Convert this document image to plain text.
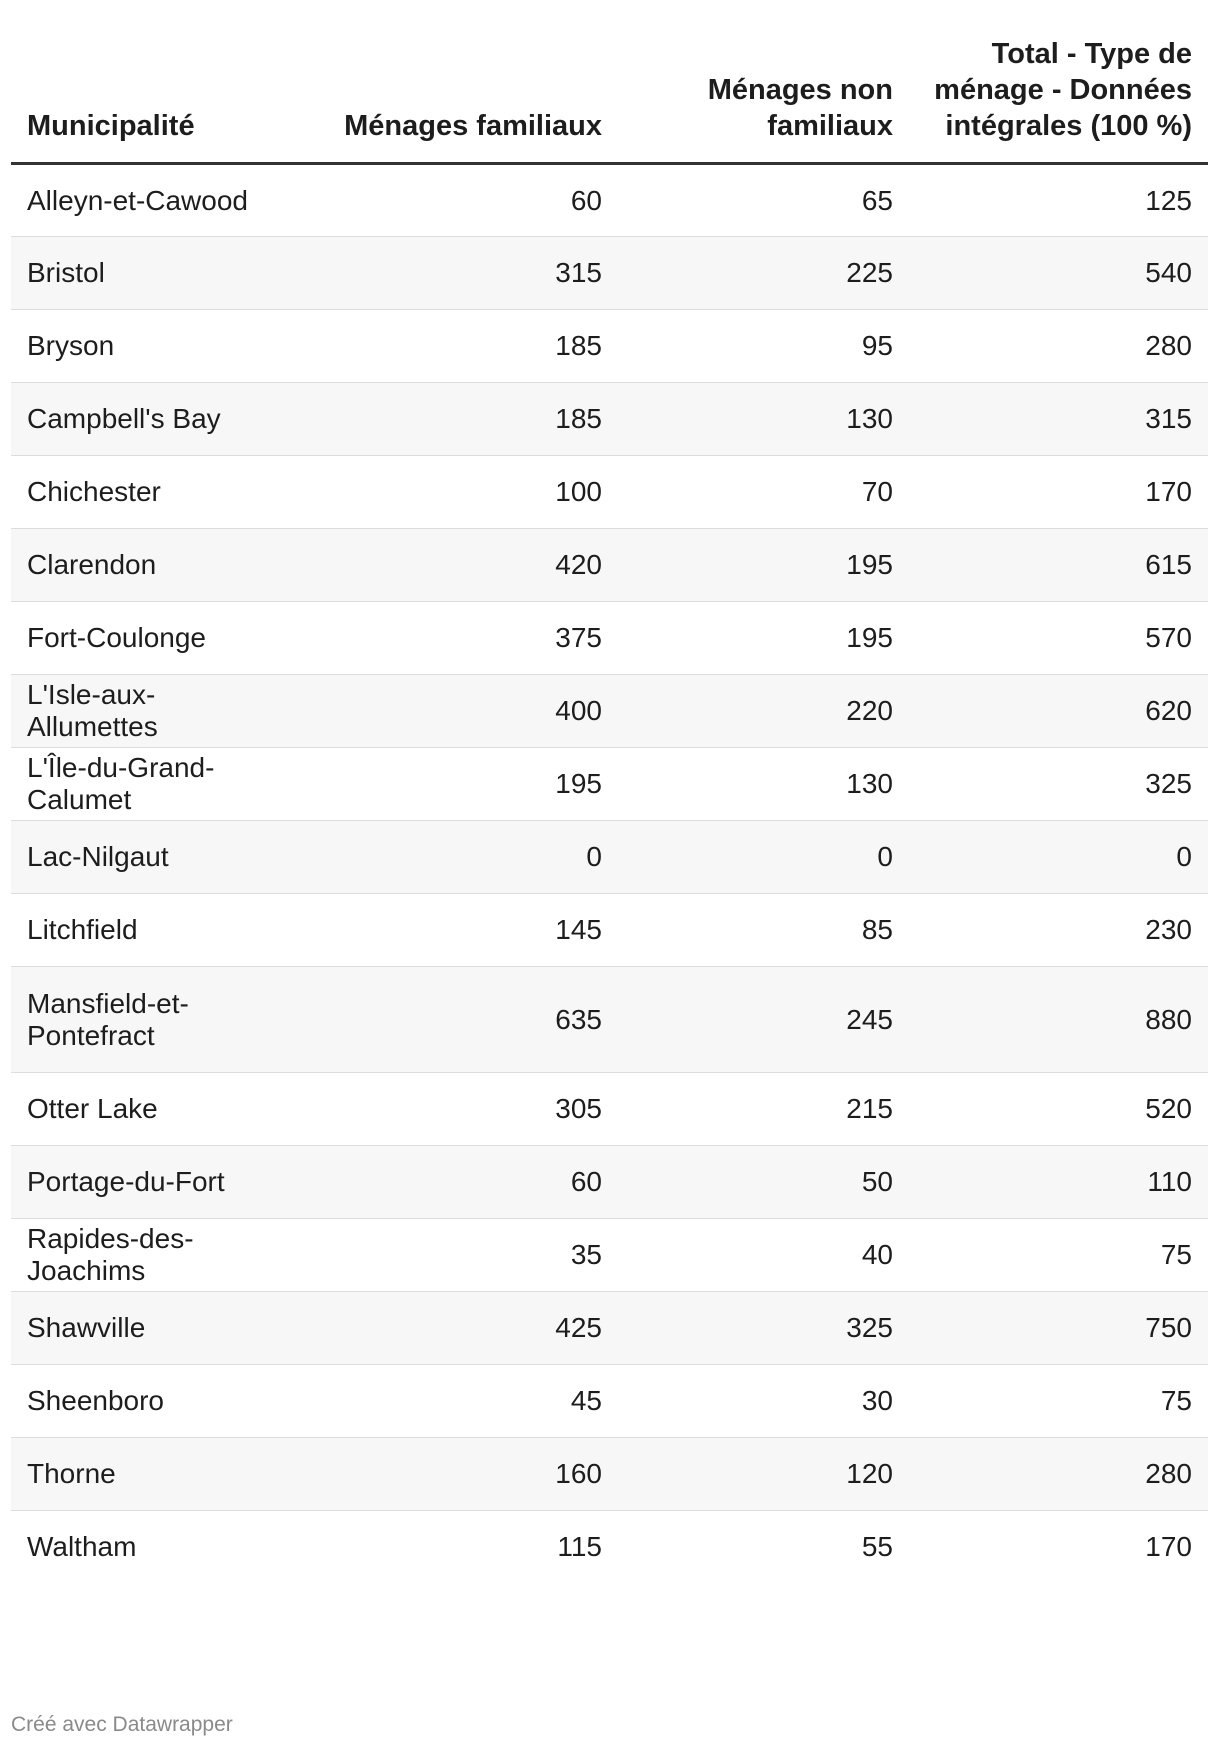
Municipalité	Ménages familiaux	Ménages non familiaux	Total - Type de ménage - Données intégrales (100 %)
Alleyn-et-Cawood	60	65	125
Bristol	315	225	540
Bryson	185	95	280
Campbell's Bay	185	130	315
Chichester	100	70	170
Clarendon	420	195	615
Fort-Coulonge	375	195	570
L'Isle-aux-Allumettes	400	220	620
L'Île-du-Grand-Calumet	195	130	325
Lac-Nilgaut	0	0	0
Litchfield	145	85	230
Mansfield-et-Pontefract	635	245	880
Otter Lake	305	215	520
Portage-du-Fort	60	50	110
Rapides-des-Joachims	35	40	75
Shawville	425	325	750
Sheenboro	45	30	75
Thorne	160	120	280
Waltham	115	55	170
Créé avec Datawrapper
